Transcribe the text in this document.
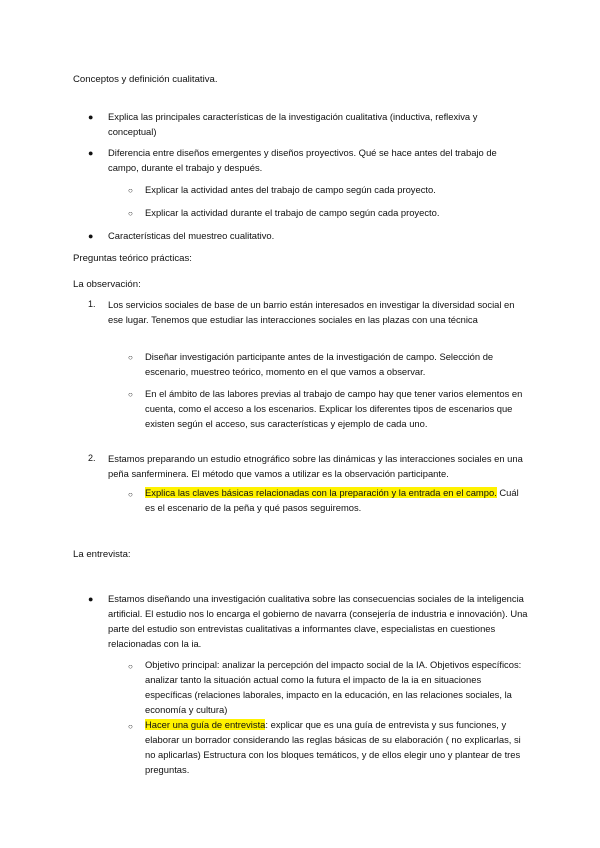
Conceptos y definición cualitativa.

● Explica las principales características de la investigación cualitativa (inductiva, reflexiva y conceptual)

● Diferencia entre diseños emergentes y diseños proyectivos. Qué se hace antes del trabajo de campo, durante el trabajo y después.

○ Explicar la actividad antes del trabajo de campo según cada proyecto.

○ Explicar la actividad durante el trabajo de campo según cada proyecto.

● Características del muestreo cualitativo.

Preguntas teórico prácticas:

La observación:

1. Los servicios sociales de base de un barrio están interesados en investigar la diversidad social en ese lugar. Tenemos que estudiar las interacciones sociales en las plazas con una técnica

○ Diseñar investigación participante antes de la investigación de campo. Selección de escenario, muestreo teórico, momento en el que vamos a observar.

○ En el ámbito de las labores previas al trabajo de campo hay que tener varios elementos en cuenta, como el acceso a los escenarios. Explicar los diferentes tipos de escenarios que existen según el acceso, sus características y ejemplo de cada uno.

2. Estamos preparando un estudio etnográfico sobre las dinámicas y las interacciones sociales en una peña sanferminera. El método que vamos a utilizar es la observación participante.

○ Explica las claves básicas relacionadas con la preparación y la entrada en el campo. Cuál es el escenario de la peña y qué pasos seguiremos.

La entrevista:

● Estamos diseñando una investigación cualitativa sobre las consecuencias sociales de la inteligencia artificial. El estudio nos lo encarga el gobierno de navarra (consejería de industria e innovación). Una parte del estudio son entrevistas cualitativas a informantes clave, especialistas en cuestiones relacionadas con la ia.

○ Objetivo principal: analizar la percepción del impacto social de la IA. Objetivos específicos: analizar tanto la situación actual como la futura el impacto de la ia en situaciones específicas (relaciones laborales, impacto en la educación, en las relaciones sociales, la economía y cultura)

○ Hacer una guía de entrevista: explicar que es una guía de entrevista y sus funciones, y elaborar un borrador considerando las reglas básicas de su elaboración ( no explicarlas, si no aplicarlas) Estructura con los bloques temáticos, y de ellos elegir uno y plantear de tres preguntas.
